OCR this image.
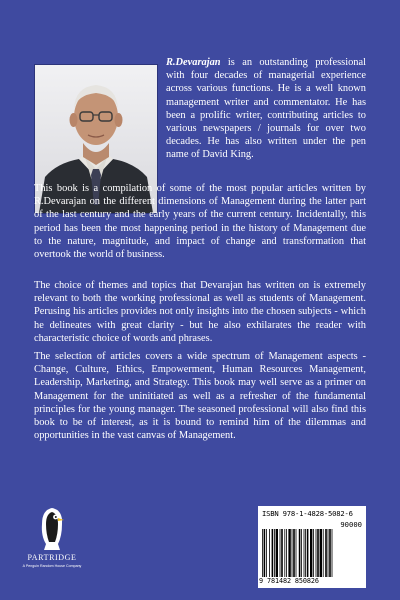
R.Devarajan is an outstanding professional with four decades of managerial experience across various functions. He is a well known management writer and commentator. He has been a prolific writer, contributing articles to various newspapers / journals for over two decades. He has also written under the pen name of David King.

This book is a compilation of some of the most popular articles written by R.Devarajan on the different dimensions of Management during the latter part of the last century and the early years of the current century. Incidentally, this period has been the most happening period in the history of Management due to the nature, magnitude, and impact of change and transformation that overtook the world of business.

The choice of themes and topics that Devarajan has written on is extremely relevant to both the working professional as well as students of Management. Perusing his articles provides not only insights into the chosen subjects - which he delineates with great clarity - but he also exhilarates the reader with characteristic choice of words and phrases.

The selection of articles covers a wide spectrum of Management aspects - Change, Culture, Ethics, Empowerment, Human Resources Management, Leadership, Marketing, and Strategy. This book may well serve as a primer on Management for the uninitiated as well as a refresher of the fundamental principles for the young manager. The seasoned professional will also find this book to be of interest, as it is bound to remind him of the dilemmas and opportunities in the vast canvas of Management.

PARTRIDGE
A Penguin Random House Company
ISBN 978-1-4828-5082-6
90000
9 781482 850826
